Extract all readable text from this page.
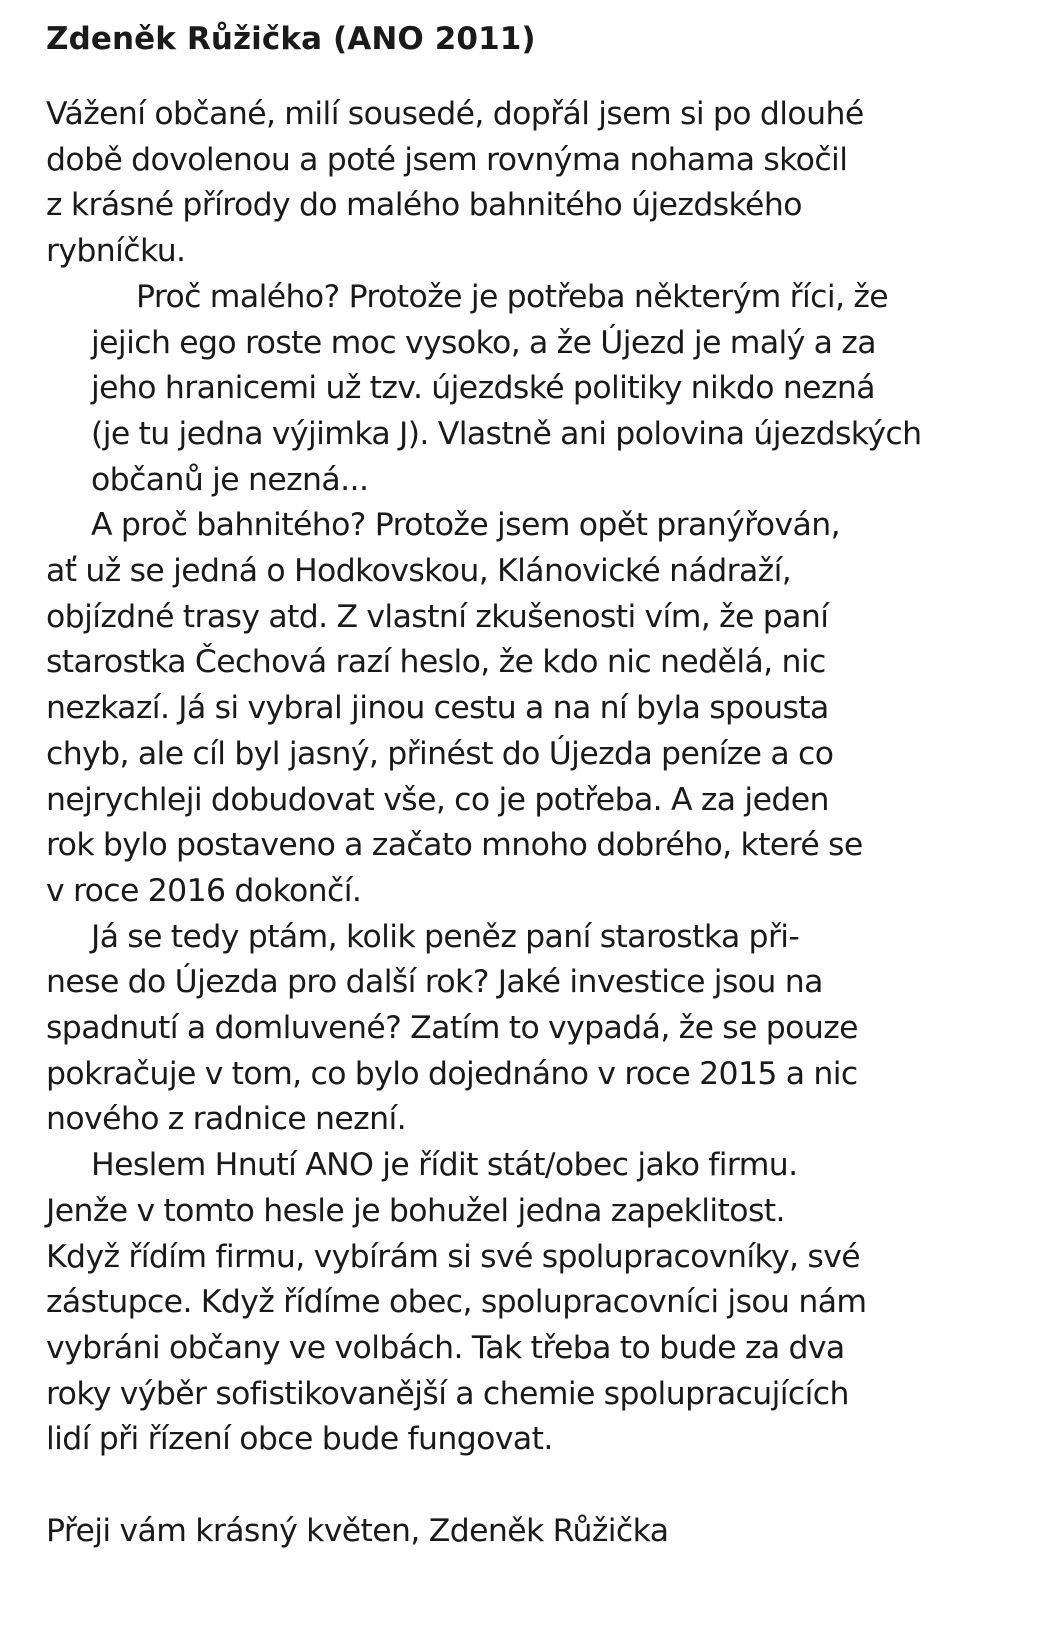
Zdeněk Růžička (ANO 2011)

Vážení občané, milí sousedé, dopřál jsem si po dlouhé
době dovolenou a poté jsem rovnýma nohama skočil
z krásné přírody do malého bahnitého újezdského
rybníčku.

Proč malého? Protože je potřeba některým říci, že
jejich ego roste moc vysoko, a že Újezd je malý a za
jeho hranicemi už tzv. újezdské politiky nikdo nezná
(je tu jedna výjimka J). Vlastně ani polovina újezdských
občanů je nezná...

A proč bahnitého? Protože jsem opět pranýřován,
ať už se jedná o Hodkovskou, Klánovické nádraží,
objízdné trasy atd. Z vlastní zkušenosti vím, že paní
starostka Čechová razí heslo, že kdo nic nedělá, nic
nezkazí. Já si vybral jinou cestu a na ní byla spousta
chyb, ale cíl byl jasný, přinést do Újezda peníze a co
nejrychleji dobudovat vše, co je potřeba. A za jeden
rok bylo postaveno a začato mnoho dobrého, které se
v roce 2016 dokončí.

Já se tedy ptám, kolik peněz paní starostka při-
nese do Újezda pro další rok? Jaké investice jsou na
spadnutí a domluvené? Zatím to vypadá, že se pouze
pokračuje v tom, co bylo dojednáno v roce 2015 a nic
nového z radnice nezní.

Heslem Hnutí ANO je řídit stát/obec jako firmu.
Jenže v tomto hesle je bohužel jedna zapeklitost.
Když řídím firmu, vybírám si své spolupracovníky, své
zástupce. Když řídíme obec, spolupracovníci jsou nám
vybráni občany ve volbách. Tak třeba to bude za dva
roky výběr sofistikovanější a chemie spolupracujících
lidí při řízení obce bude fungovat.

Přeji vám krásný květen, Zdeněk Růžička
